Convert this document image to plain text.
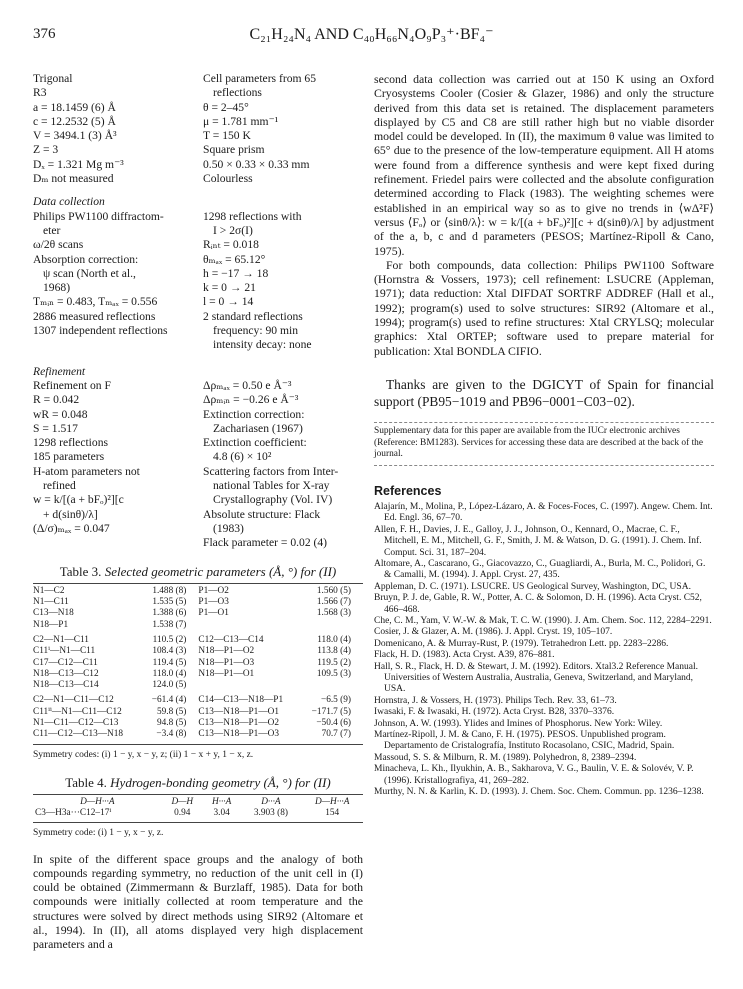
376	C₂₁H₂₄N₄ AND C₄₀H₆₆N₄O₉P₃⁺·BF₄⁻
Trigonal
R3
a = 18.1459 (6) Å
c = 12.2532 (5) Å
V = 3494.1 (3) Å³
Z = 3
Dₓ = 1.321 Mg m⁻³
Dₘ not measured
Cell parameters from 65
reflections
θ = 2–45°
μ = 1.781 mm⁻¹
T = 150 K
Square prism
0.50 × 0.33 × 0.33 mm
Colourless
Data collection
Philips PW1100 diffractom-
eter
ω/2θ scans
Absorption correction:
ψ scan (North et al.,
1968)
Tₘᵢₙ = 0.483, Tₘₐₓ = 0.556
2886 measured reflections
1307 independent reflections
1298 reflections with
I > 2σ(I)
Rᵢₙₜ = 0.018
θₘₐₓ = 65.12°
h = −17 → 18
k = 0 → 21
l = 0 → 14
2 standard reflections
frequency: 90 min
intensity decay: none
Refinement
Refinement on F
R = 0.042
wR = 0.048
S = 1.517
1298 reflections
185 parameters
H-atom parameters not
refined
w = k/[(a + bFₒ)²][c
+ d(sinθ)/λ]
(Δ/σ)ₘₐₓ = 0.047
Δρₘₐₓ = 0.50 e Å⁻³
Δρₘᵢₙ = −0.26 e Å⁻³
Extinction correction:
Zachariasen (1967)
Extinction coefficient:
4.8 (6) × 10²
Scattering factors from Inter-
national Tables for X-ray
Crystallography (Vol. IV)
Absolute structure: Flack
(1983)
Flack parameter = 0.02 (4)
Table 3. Selected geometric parameters (Å, °) for (II)
N1—C2	1.488 (8)	P1—O2	1.560 (5)
N1—C11	1.535 (5)	P1—O3	1.566 (7)
C13—N18	1.388 (6)	P1—O1	1.568 (3)
N18—P1	1.538 (7)		
C2—N1—C11	110.5 (2)	C12—C13—C14	118.0 (4)
C11ⁱ—N1—C11	108.4 (3)	N18—P1—O2	113.8 (4)
C17—C12—C11	119.4 (5)	N18—P1—O3	119.5 (2)
N18—C13—C12	118.0 (4)	N18—P1—O1	109.5 (3)
N18—C13—C14	124.0 (5)		
C2—N1—C11—C12	−61.4 (4)	C14—C13—N18—P1	−6.5 (9)
C11ⁱⁱ—N1—C11—C12	59.8 (5)	C13—N18—P1—O1	−171.7 (5)
N1—C11—C12—C13	94.8 (5)	C13—N18—P1—O2	−50.4 (6)
C11—C12—C13—N18	−3.4 (8)	C13—N18—P1—O3	70.7 (7)
Symmetry codes: (i) 1 − y, x − y, z; (ii) 1 − x + y, 1 − x, z.
Table 4. Hydrogen-bonding geometry (Å, °) for (II)
D—H···A	D—H	H···A	D···A	D—H···A
C3—H3a···C12–17ⁱ	0.94	3.04	3.903 (8)	154
Symmetry code: (i) 1 − y, x − y, z.
In spite of the different space groups and the analogy of both compounds regarding symmetry, no reduction of the unit cell in (I) could be obtained (Zimmermann & Burzlaff, 1985). Data for both compounds were initially collected at room temperature and the structures were solved by direct methods using SIR92 (Altomare et al., 1994). In (II), all atoms displayed very high displacement parameters and a
second data collection was carried out at 150 K using an Oxford Cryosystems Cooler (Cosier & Glazer, 1986) and only the structure derived from this data set is retained. The displacement parameters displayed by C5 and C8 are still rather high but no viable disorder model could be developed. In (II), the maximum θ value was limited to 65° due to the presence of the low-temperature equipment. All H atoms were found from a difference synthesis and were kept fixed during refinement. Friedel pairs were collected and the absolute configuration determined according to Flack (1983). The weighting schemes were established in an empirical way so as to give no trends in ⟨wΔ²F⟩ versus ⟨Fₒ⟩ or ⟨sinθ/λ⟩: w = k/[(a + bFₒ)²][c + d(sinθ)/λ] by adjustment of the a, b, c and d parameters (PESOS; Martínez-Ripoll & Cano, 1975).
For both compounds, data collection: Philips PW1100 Software (Hornstra & Vossers, 1973); cell refinement: LSUCRE (Appleman, 1971); data reduction: Xtal DIFDAT SORTRF ADDREF (Hall et al., 1992); program(s) used to solve structures: SIR92 (Altomare et al., 1994); program(s) used to refine structures: Xtal CRYLSQ; molecular graphics: Xtal ORTEP; software used to prepare material for publication: Xtal BONDLA CIFIO.
Thanks are given to the DGICYT of Spain for financial support (PB95−1019 and PB96−0001−C03−02).
Supplementary data for this paper are available from the IUCr electronic archives (Reference: BM1283). Services for accessing these data are described at the back of the journal.
References
Alajarín, M., Molina, P., López-Lázaro, A. & Foces-Foces, C. (1997). Angew. Chem. Int. Ed. Engl. 36, 67–70.
Allen, F. H., Davies, J. E., Galloy, J. J., Johnson, O., Kennard, O., Macrae, C. F., Mitchell, E. M., Mitchell, G. F., Smith, J. M. & Watson, D. G. (1991). J. Chem. Inf. Comput. Sci. 31, 187–204.
Altomare, A., Cascarano, G., Giacovazzo, C., Guagliardi, A., Burla, M. C., Polidori, G. & Camalli, M. (1994). J. Appl. Cryst. 27, 435.
Appleman, D. C. (1971). LSUCRE. US Geological Survey, Washington, DC, USA.
Bruyn, P. J. de, Gable, R. W., Potter, A. C. & Solomon, D. H. (1996). Acta Cryst. C52, 466–468.
Che, C. M., Yam, V. W.-W. & Mak, T. C. W. (1990). J. Am. Chem. Soc. 112, 2284–2291.
Cosier, J. & Glazer, A. M. (1986). J. Appl. Cryst. 19, 105–107.
Domenicano, A. & Murray-Rust, P. (1979). Tetrahedron Lett. pp. 2283–2286.
Flack, H. D. (1983). Acta Cryst. A39, 876–881.
Hall, S. R., Flack, H. D. & Stewart, J. M. (1992). Editors. Xtal3.2 Reference Manual. Universities of Western Australia, Australia, Geneva, Switzerland, and Maryland, USA.
Hornstra, J. & Vossers, H. (1973). Philips Tech. Rev. 33, 61–73.
Iwasaki, F. & Iwasaki, H. (1972). Acta Cryst. B28, 3370–3376.
Johnson, A. W. (1993). Ylides and Imines of Phosphorus. New York: Wiley.
Martínez-Ripoll, J. M. & Cano, F. H. (1975). PESOS. Unpublished program. Departamento de Cristalografía, Instituto Rocasolano, CSIC, Madrid, Spain.
Massoud, S. S. & Milburn, R. M. (1989). Polyhedron, 8, 2389–2394.
Minacheva, L. Kh., Ilyukhin, A. B., Sakharova, V. G., Baulin, V. E. & Solovév, V. P. (1996). Kristallografiya, 41, 269–282.
Murthy, N. N. & Karlin, K. D. (1993). J. Chem. Soc. Chem. Commun. pp. 1236–1238.
